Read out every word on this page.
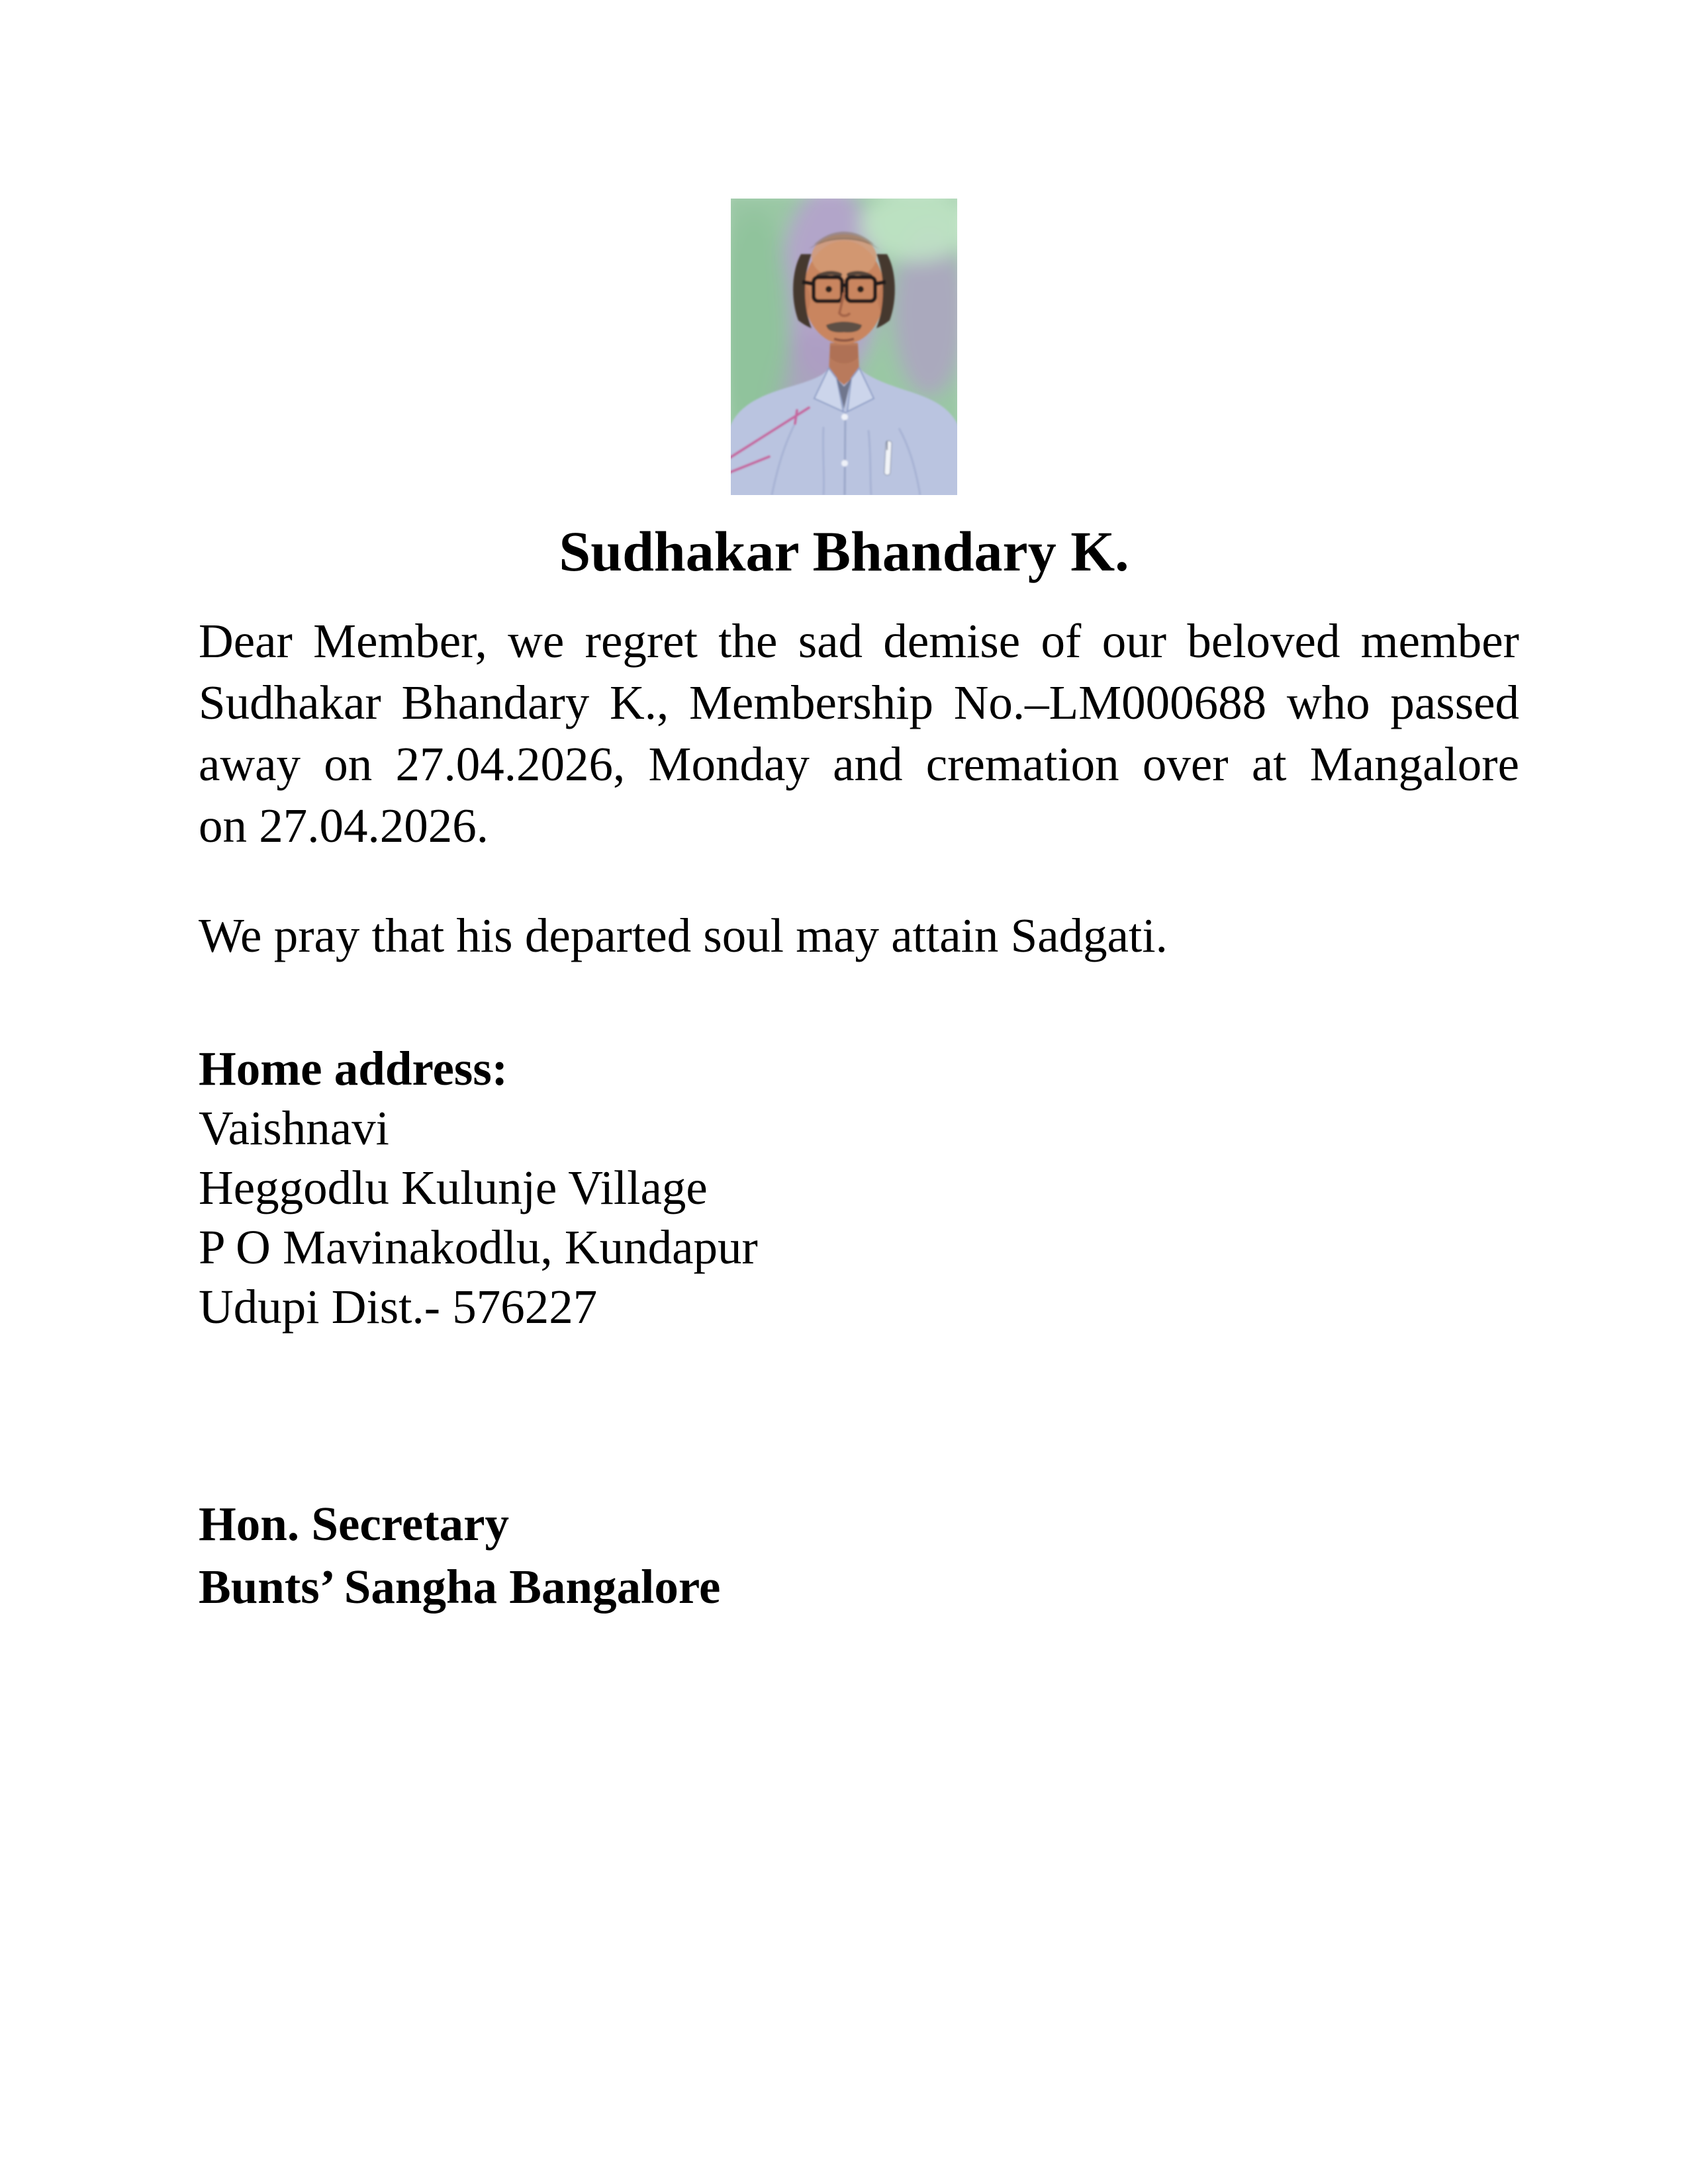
Sudhakar Bhandary K.

Dear Member, we regret the sad demise of our beloved member
Sudhakar Bhandary K., Membership No.–LM000688 who passed
away on 27.04.2026, Monday and cremation over at Mangalore
on 27.04.2026.

We pray that his departed soul may attain Sadgati.

Home address:
Vaishnavi
Heggodlu Kulunje Village
P O Mavinakodlu, Kundapur
Udupi Dist.- 576227
Hon. Secretary
Bunts’ Sangha Bangalore
